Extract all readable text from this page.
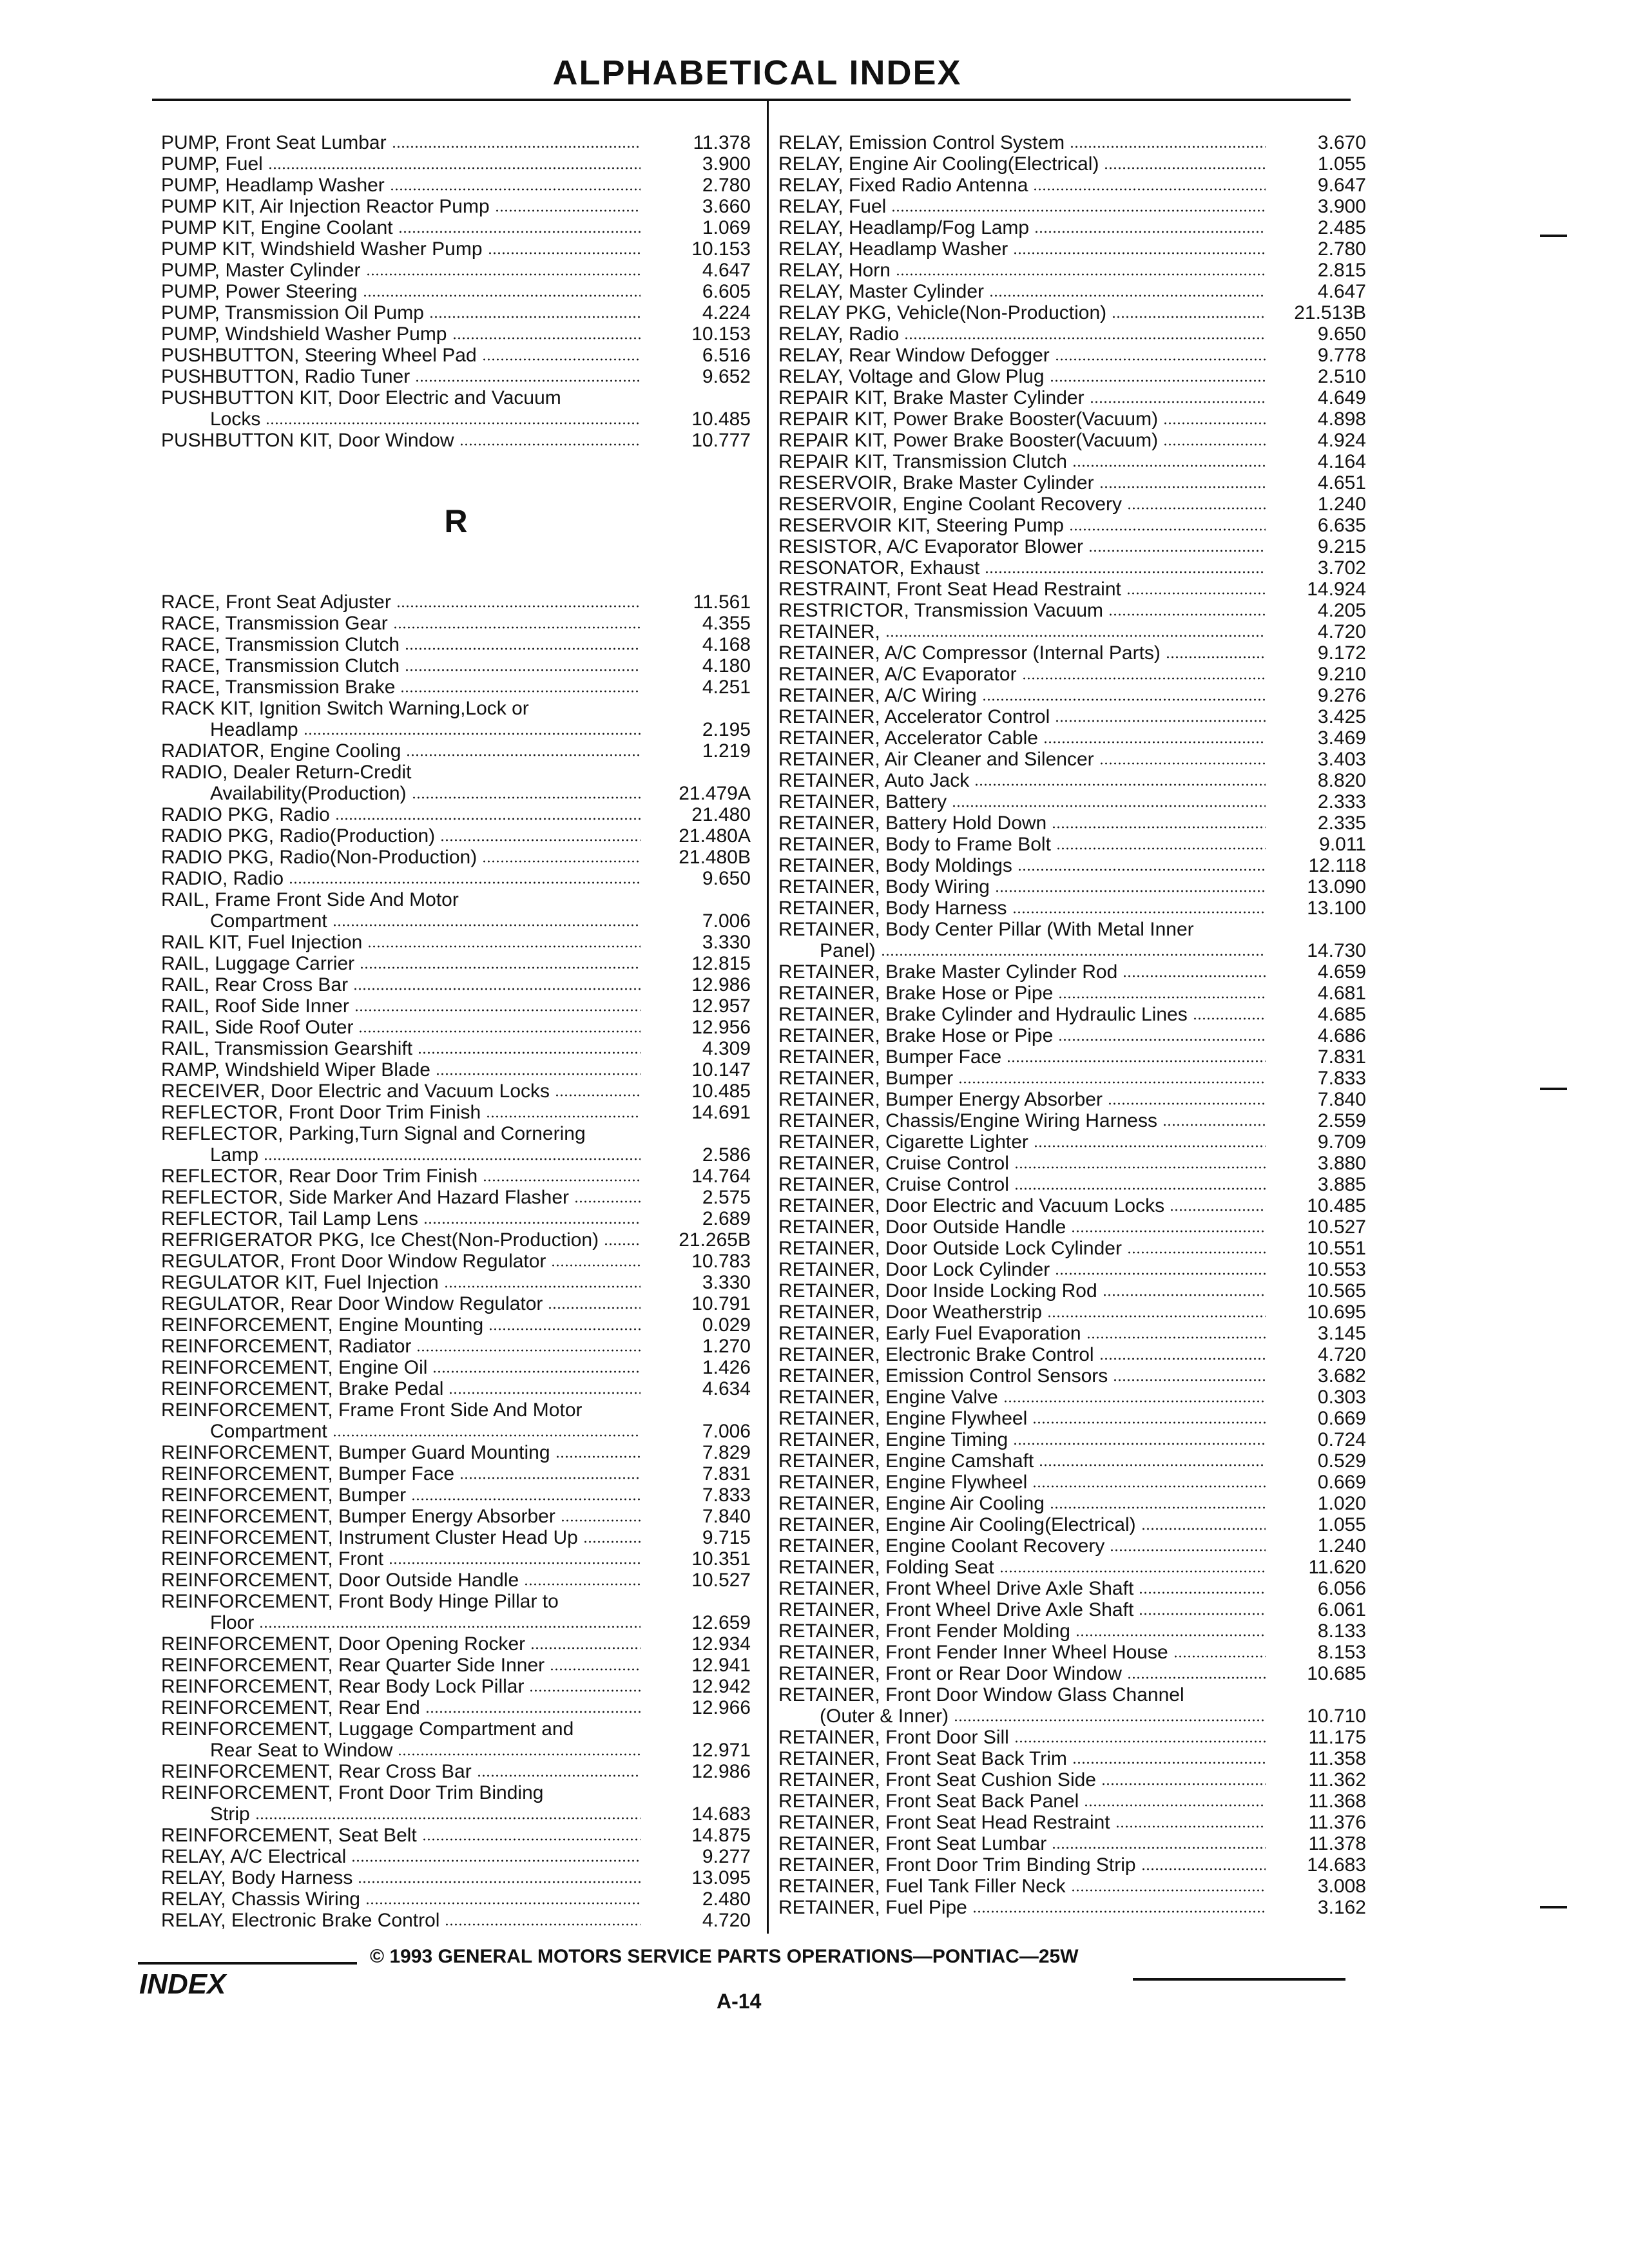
ALPHABETICAL INDEX
PUMP, Front Seat Lumbar	11.378
PUMP, Fuel	3.900
PUMP, Headlamp Washer	2.780
PUMP KIT, Air Injection Reactor Pump	3.660
PUMP KIT, Engine Coolant	1.069
PUMP KIT, Windshield Washer Pump	10.153
PUMP, Master Cylinder	4.647
PUMP, Power Steering	6.605
PUMP, Transmission Oil Pump	4.224
PUMP, Windshield Washer Pump	10.153
PUSHBUTTON, Steering Wheel Pad	6.516
PUSHBUTTON, Radio Tuner	9.652
PUSHBUTTON KIT, Door Electric and Vacuum
Locks	10.485
PUSHBUTTON KIT, Door Window	10.777
R
RACE, Front Seat Adjuster	11.561
RACE, Transmission Gear	4.355
RACE, Transmission Clutch	4.168
RACE, Transmission Clutch	4.180
RACE, Transmission Brake	4.251
RACK KIT, Ignition Switch Warning,Lock or
Headlamp	2.195
RADIATOR, Engine Cooling	1.219
RADIO, Dealer Return-Credit
Availability(Production)	21.479A
RADIO PKG, Radio	21.480
RADIO PKG, Radio(Production)	21.480A
RADIO PKG, Radio(Non-Production)	21.480B
RADIO, Radio	9.650
RAIL, Frame Front Side And Motor
Compartment	7.006
RAIL KIT, Fuel Injection	3.330
RAIL, Luggage Carrier	12.815
RAIL, Rear Cross Bar	12.986
RAIL, Roof Side Inner	12.957
RAIL, Side Roof Outer	12.956
RAIL, Transmission Gearshift	4.309
RAMP, Windshield Wiper Blade	10.147
RECEIVER, Door Electric and Vacuum Locks	10.485
REFLECTOR, Front Door Trim Finish	14.691
REFLECTOR, Parking,Turn Signal and Cornering
Lamp	2.586
REFLECTOR, Rear Door Trim Finish	14.764
REFLECTOR, Side Marker And Hazard Flasher	2.575
REFLECTOR, Tail Lamp Lens	2.689
REFRIGERATOR PKG, Ice Chest(Non-Production)	21.265B
REGULATOR, Front Door Window Regulator	10.783
REGULATOR KIT, Fuel Injection	3.330
REGULATOR, Rear Door Window Regulator	10.791
REINFORCEMENT, Engine Mounting	0.029
REINFORCEMENT, Radiator	1.270
REINFORCEMENT, Engine Oil	1.426
REINFORCEMENT, Brake Pedal	4.634
REINFORCEMENT, Frame Front Side And Motor
Compartment	7.006
REINFORCEMENT, Bumper Guard Mounting	7.829
REINFORCEMENT, Bumper Face	7.831
REINFORCEMENT, Bumper	7.833
REINFORCEMENT, Bumper Energy Absorber	7.840
REINFORCEMENT, Instrument Cluster Head Up	9.715
REINFORCEMENT, Front	10.351
REINFORCEMENT, Door Outside Handle	10.527
REINFORCEMENT, Front Body Hinge Pillar to
Floor	12.659
REINFORCEMENT, Door Opening Rocker	12.934
REINFORCEMENT, Rear Quarter Side Inner	12.941
REINFORCEMENT, Rear Body Lock Pillar	12.942
REINFORCEMENT, Rear End	12.966
REINFORCEMENT, Luggage Compartment and
Rear Seat to Window	12.971
REINFORCEMENT, Rear Cross Bar	12.986
REINFORCEMENT, Front Door Trim Binding
Strip	14.683
REINFORCEMENT, Seat Belt	14.875
RELAY, A/C Electrical	9.277
RELAY, Body Harness	13.095
RELAY, Chassis Wiring	2.480
RELAY, Electronic Brake Control	4.720
RELAY, Emission Control System	3.670
RELAY, Engine Air Cooling(Electrical)	1.055
RELAY, Fixed Radio Antenna	9.647
RELAY, Fuel	3.900
RELAY, Headlamp/Fog Lamp	2.485
RELAY, Headlamp Washer	2.780
RELAY, Horn	2.815
RELAY, Master Cylinder	4.647
RELAY PKG, Vehicle(Non-Production)	21.513B
RELAY, Radio	9.650
RELAY, Rear Window Defogger	9.778
RELAY, Voltage and Glow Plug	2.510
REPAIR KIT, Brake Master Cylinder	4.649
REPAIR KIT, Power Brake Booster(Vacuum)	4.898
REPAIR KIT, Power Brake Booster(Vacuum)	4.924
REPAIR KIT, Transmission Clutch	4.164
RESERVOIR, Brake Master Cylinder	4.651
RESERVOIR, Engine Coolant Recovery	1.240
RESERVOIR KIT, Steering Pump	6.635
RESISTOR, A/C Evaporator Blower	9.215
RESONATOR, Exhaust	3.702
RESTRAINT, Front Seat Head Restraint	14.924
RESTRICTOR, Transmission Vacuum	4.205
RETAINER,	4.720
RETAINER, A/C Compressor (Internal Parts)	9.172
RETAINER, A/C Evaporator	9.210
RETAINER, A/C Wiring	9.276
RETAINER, Accelerator Control	3.425
RETAINER, Accelerator Cable	3.469
RETAINER, Air Cleaner and Silencer	3.403
RETAINER, Auto Jack	8.820
RETAINER, Battery	2.333
RETAINER, Battery Hold Down	2.335
RETAINER, Body to Frame Bolt	9.011
RETAINER, Body Moldings	12.118
RETAINER, Body Wiring	13.090
RETAINER, Body Harness	13.100
RETAINER, Body Center Pillar (With Metal Inner
Panel)	14.730
RETAINER, Brake Master Cylinder Rod	4.659
RETAINER, Brake Hose or Pipe	4.681
RETAINER, Brake Cylinder and Hydraulic Lines	4.685
RETAINER, Brake Hose or Pipe	4.686
RETAINER, Bumper Face	7.831
RETAINER, Bumper	7.833
RETAINER, Bumper Energy Absorber	7.840
RETAINER, Chassis/Engine Wiring Harness	2.559
RETAINER, Cigarette Lighter	9.709
RETAINER, Cruise Control	3.880
RETAINER, Cruise Control	3.885
RETAINER, Door Electric and Vacuum Locks	10.485
RETAINER, Door Outside Handle	10.527
RETAINER, Door Outside Lock Cylinder	10.551
RETAINER, Door Lock Cylinder	10.553
RETAINER, Door Inside Locking Rod	10.565
RETAINER, Door Weatherstrip	10.695
RETAINER, Early Fuel Evaporation	3.145
RETAINER, Electronic Brake Control	4.720
RETAINER, Emission Control Sensors	3.682
RETAINER, Engine Valve	0.303
RETAINER, Engine Flywheel	0.669
RETAINER, Engine Timing	0.724
RETAINER, Engine Camshaft	0.529
RETAINER, Engine Flywheel	0.669
RETAINER, Engine Air Cooling	1.020
RETAINER, Engine Air Cooling(Electrical)	1.055
RETAINER, Engine Coolant Recovery	1.240
RETAINER, Folding Seat	11.620
RETAINER, Front Wheel Drive Axle Shaft	6.056
RETAINER, Front Wheel Drive Axle Shaft	6.061
RETAINER, Front Fender Molding	8.133
RETAINER, Front Fender Inner Wheel House	8.153
RETAINER, Front or Rear Door Window	10.685
RETAINER, Front Door Window Glass Channel
(Outer & Inner)	10.710
RETAINER, Front Door Sill	11.175
RETAINER, Front Seat Back Trim	11.358
RETAINER, Front Seat Cushion Side	11.362
RETAINER, Front Seat Back Panel	11.368
RETAINER, Front Seat Head Restraint	11.376
RETAINER, Front Seat Lumbar	11.378
RETAINER, Front Door Trim Binding Strip	14.683
RETAINER, Fuel Tank Filler Neck	3.008
RETAINER, Fuel Pipe	3.162
© 1993 GENERAL MOTORS SERVICE PARTS OPERATIONS—PONTIAC—25W
INDEX
A-14
